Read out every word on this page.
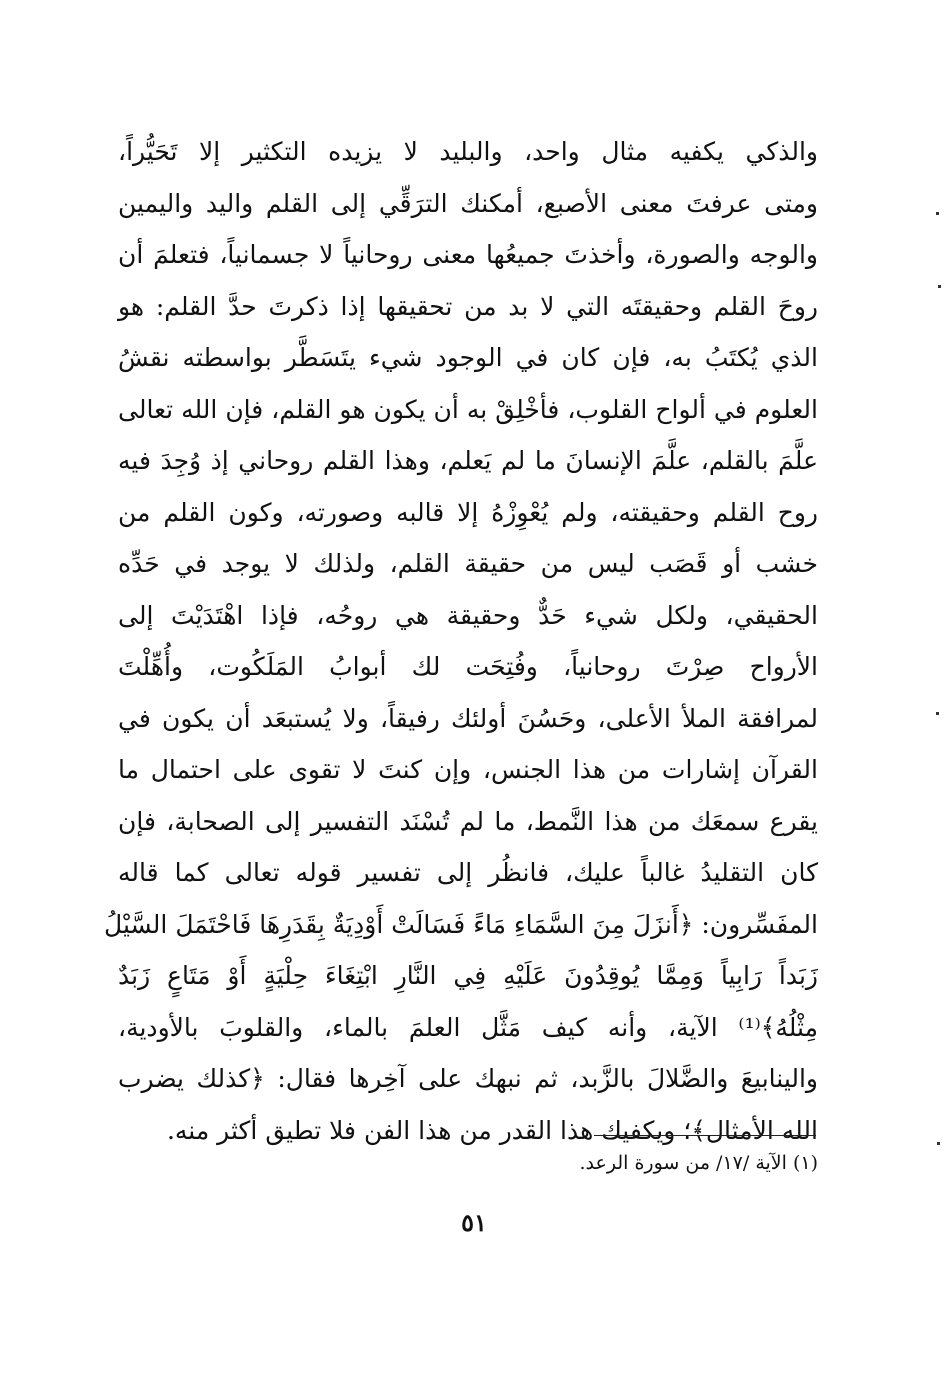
والذكي يكفيه مثال واحد، والبليد لا يزيده التكثير إلا تَحَيُّراً،
ومتى عرفتَ معنى الأصبع، أمكنك الترَقِّي إلى القلم واليد واليمين
والوجه والصورة، وأخذتَ جميعُها معنى روحانياً لا جسمانياً، فتعلمَ أن
روحَ القلم وحقيقتَه التي لا بد من تحقيقها إذا ذكرتَ حدَّ القلم: هو
الذي يُكتَبُ به، فإن كان في الوجود شيء يتَسَطَّر بواسطته نقشُ
العلوم في ألواح القلوب، فأخْلِقْ به أن يكون هو القلم، فإن الله تعالى
علَّمَ بالقلم، علَّمَ الإنسانَ ما لم يَعلم، وهذا القلم روحاني إذ وُجِدَ فيه
روح القلم وحقيقته، ولم يُعْوِزْهُ إلا قالبه وصورته، وكون القلم من
خشب أو قَصَب ليس من حقيقة القلم، ولذلك لا يوجد في حَدِّه
الحقيقي، ولكل شيء حَدٌّ وحقيقة هي روحُه، فإذا اهْتَدَيْتَ إلى
الأرواح صِرْتَ روحانياً، وفُتِحَت لك أبوابُ المَلَكُوت، وأُهِّلْتَ
لمرافقة الملأ الأعلى، وحَسُنَ أولئك رفيقاً، ولا يُستبعَد أن يكون في
القرآن إشارات من هذا الجنس، وإن كنتَ لا تقوى على احتمال ما
يقرع سمعَك من هذا النَّمط، ما لم تُسْنَد التفسير إلى الصحابة، فإن
كان التقليدُ غالباً عليك، فانظُر إلى تفسير قوله تعالى كما قاله
المفَسِّرون: ﴿أَنزَلَ مِنَ السَّمَاءِ مَاءً فَسَالَتْ أَوْدِيَةٌ بِقَدَرِهَا فَاحْتَمَلَ السَّيْلُ
زَبَداً رَابِياً وَمِمَّا يُوقِدُونَ عَلَيْهِ فِي النَّارِ ابْتِغَاءَ حِلْيَةٍ أَوْ مَتَاعٍ زَبَدٌ
مِثْلُهُ﴾⁽¹⁾ الآية، وأنه كيف مَثَّل العلمَ بالماء، والقلوبَ بالأودية،
والينابيعَ والضَّلالَ بالزَّبد، ثم نبهك على آخِرها فقال: ﴿كذلك يضرب
الله الأمثال﴾؛ ويكفيك هذا القدر من هذا الفن فلا تطيق أكثر منه.
(١) الآية /١٧/ من سورة الرعد.
٥١
